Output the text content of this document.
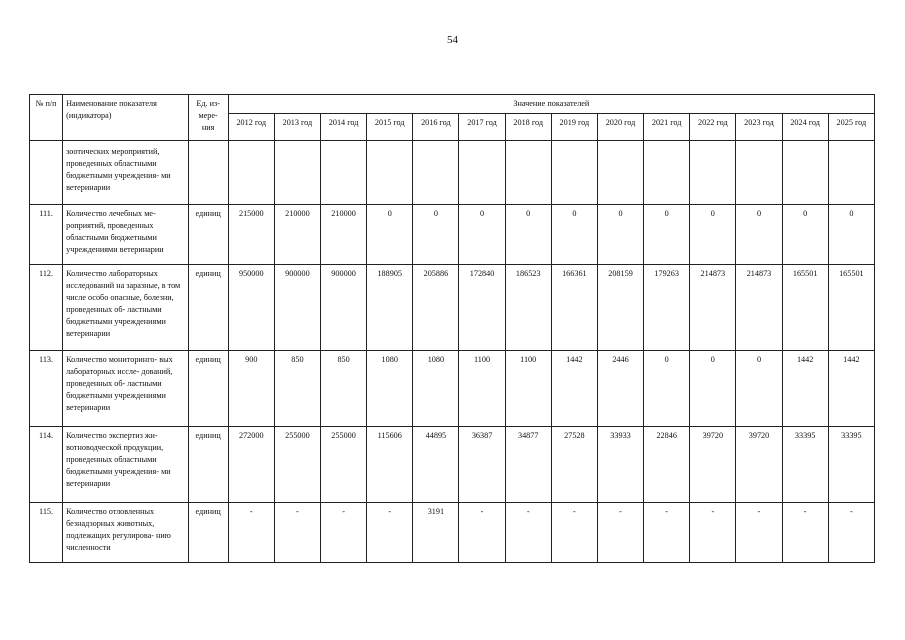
54
№ п/п	Наименование показателя (индикатора)	Ед. из- мере- ния	Значение показателей													
			2012 год	2013 год	2014 год	2015 год	2016 год	2017 год	2018 год	2019 год	2020 год	2021 год	2022 год	2023 год	2024 год	2025 год
	зоотических мероприятий, проведенных областными бюджетными учреждения- ми ветеринарии															
111.	Количество лечебных ме- роприятий, проведенных областными бюджетными учреждениями ветеринарии	единиц	215000	210000	210000	0	0	0	0	0	0	0	0	0	0	0
112.	Количество лабораторных исследований на заразные, в том числе особо опасные, болезни, проведенных об- ластными бюджетными учреждениями ветеринарии	единиц	950000	900000	900000	188905	205886	172840	186523	166361	208159	179263	214873	214873	165501	165501
113.	Количество мониторинго- вых лабораторных иссле- дований, проведенных об- ластными бюджетными учреждениями ветеринарии	единиц	900	850	850	1080	1080	1100	1100	1442	2446	0	0	0	1442	1442
114.	Количество экспертиз жи- вотноводческой продукции, проведенных областными бюджетными учреждения- ми ветеринарии	единиц	272000	255000	255000	115606	44895	36387	34877	27528	33933	22846	39720	39720	33395	33395
115.	Количество отловленных безнадзорных животных, подлежащих регулирова- нию численности	единиц	-	-	-	-	3191	-	-	-	-	-	-	-	-	-
